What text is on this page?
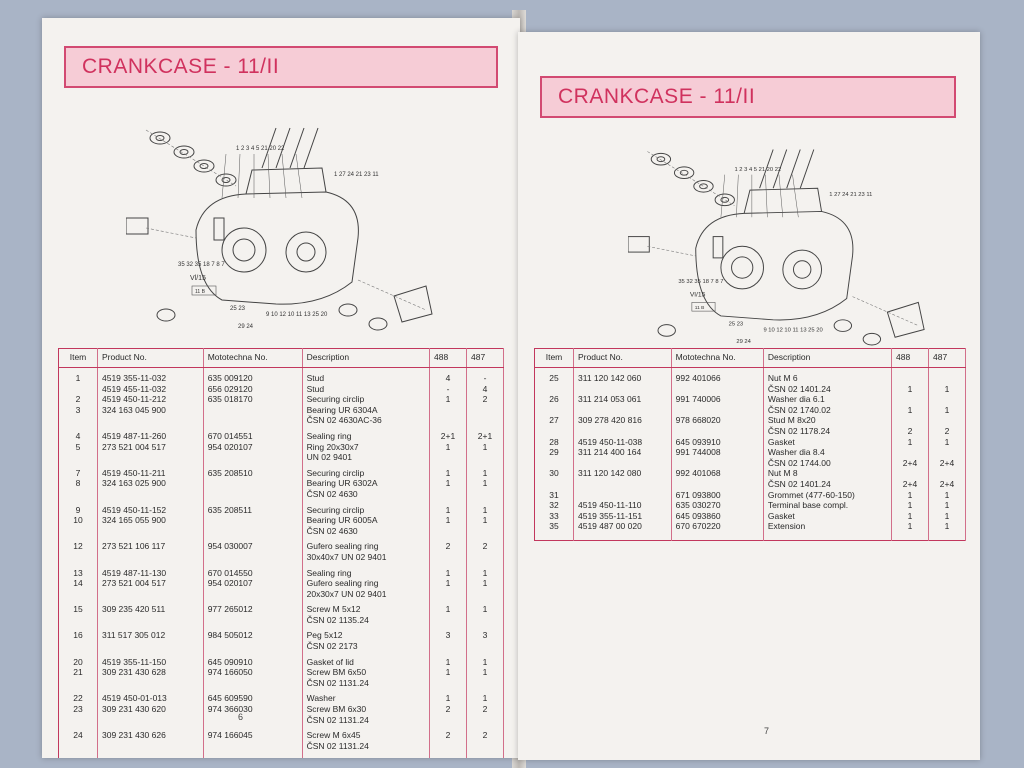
CRANKCASE - 11/II
1 2 3 4 5 21 20 22
1 27 24 21 23 11
35 32 35 18 7 8 7
9 10 12 10 11 13 25 20
25 23
29 24
Vl/15
11 B
Item	Product No.	Mototechna No.	Description	488	487
1	4519 355-11-032	635 009120	Stud	4	-
	4519 455-11-032	656 029120	Stud	-	4
2	4519 450-11-212	635 018170	Securing circlip	1	2
3	324 163 045 900		Bearing UR 6304A		
			ČSN 02 4630AC-36		
4	4519 487-11-260	670 014551	Sealing ring	2+1	2+1
5	273 521 004 517	954 020107	Ring 20x30x7	1	1
			UN 02 9401		
7	4519 450-11-211	635 208510	Securing circlip	1	1
8	324 163 025 900		Bearing UR 6302A	1	1
			ČSN 02 4630		
9	4519 450-11-152	635 208511	Securing circlip	1	1
10	324 165 055 900		Bearing UR 6005A	1	1
			ČSN 02 4630		
12	273 521 106 117	954 030007	Gufero sealing ring	2	2
			30x40x7 UN 02 9401		
13	4519 487-11-130	670 014550	Sealing ring	1	1
14	273 521 004 517	954 020107	Gufero sealing ring	1	1
			20x30x7 UN 02 9401		
15	309 235 420 511	977 265012	Screw M 5x12	1	1
			ČSN 02 1135.24		
16	311 517 305 012	984 505012	Peg 5x12	3	3
			ČSN 02 2173		
20	4519 355-11-150	645 090910	Gasket of lid	1	1
21	309 231 430 628	974 166050	Screw BM 6x50	1	1
			ČSN 02 1131.24		
22	4519 450-01-013	645 609590	Washer	1	1
23	309 231 430 620	974 366030	Screw BM 6x30	2	2
			ČSN 02 1131.24		
24	309 231 430 626	974 166045	Screw M 6x45	2	2
			ČSN 02 1131.24		

6
CRANKCASE - 11/II
1 2 3 4 5 21 20 22
1 27 24 21 23 11
35 32 35 18 7 8 7
9 10 12 10 11 13 25 20
25 23
29 24
Vl/15
11 B
Item	Product No.	Mototechna No.	Description	488	487
25	311 120 142 060	992 401066	Nut M 6		
			ČSN 02 1401.24	1	1
26	311 214 053 061	991 740006	Washer dia 6.1		
			ČSN 02 1740.02	1	1
27	309 278 420 816	978 668020	Stud M 8x20		
			ČSN 02 1178.24	2	2
28	4519 450-11-038	645 093910	Gasket	1	1
29	311 214 400 164	991 744008	Washer dia 8.4		
			ČSN 02 1744.00	2+4	2+4
30	311 120 142 080	992 401068	Nut M 8		
			ČSN 02 1401.24	2+4	2+4
31		671 093800	Grommet (477-60-150)	1	1
32	4519 450-11-110	635 030270	Terminal base compl.	1	1
33	4519 355-11-151	645 093860	Gasket	1	1
35	4519 487 00 020	670 670220	Extension	1	1

7
